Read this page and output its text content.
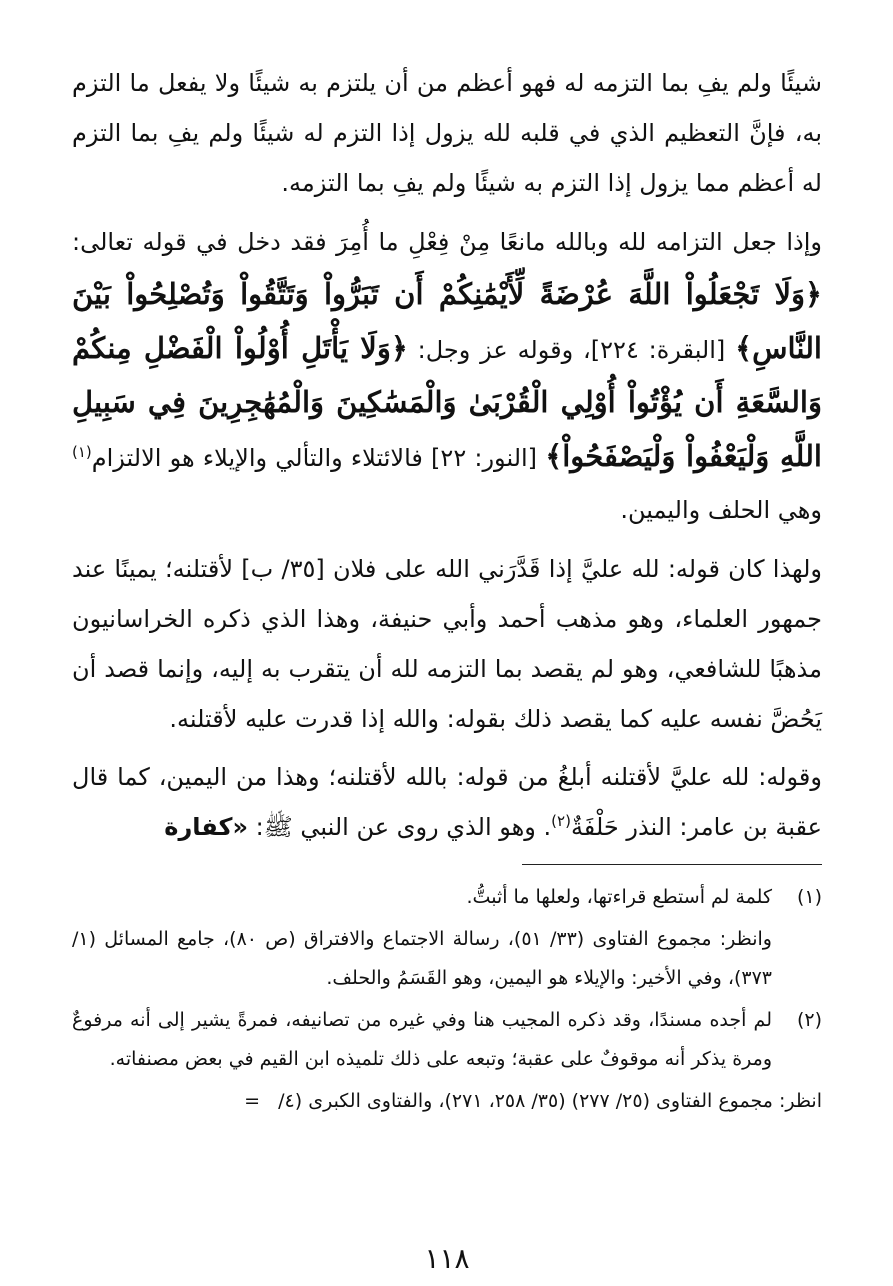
شيئًا ولم يفِ بما التزمه له فهو أعظم من أن يلتزم به شيئًا ولا يفعل ما التزم به، فإنَّ التعظيم الذي في قلبه لله يزول إذا التزم له شيئًا ولم يفِ بما التزم له أعظم مما يزول إذا التزم به شيئًا ولم يفِ بما التزمه.

وإذا جعل التزامه لله وبالله مانعًا مِنْ فِعْلِ ما أُمِرَ فقد دخل في قوله تعالى: ﴿وَلَا تَجْعَلُواْ اللَّهَ عُرْضَةً لِّأَيْمَٰنِكُمْ أَن تَبَرُّواْ وَتَتَّقُواْ وَتُصْلِحُواْ بَيْنَ النَّاسِ﴾ [البقرة: ٢٢٤]، وقوله عز وجل: ﴿وَلَا يَأْتَلِ أُوْلُواْ الْفَضْلِ مِنكُمْ وَالسَّعَةِ أَن يُؤْتُواْ أُوْلِي الْقُرْبَىٰ وَالْمَسَٰكِينَ وَالْمُهَٰجِرِينَ فِي سَبِيلِ اللَّهِ وَلْيَعْفُواْ وَلْيَصْفَحُواْ﴾ [النور: ٢٢] فالائتلاء والتألي والإيلاء هو الالتزام$^{(١)}$ وهي الحلف واليمين.

ولهذا كان قوله: لله عليَّ إذا قَدَّرَني الله على فلان [٣٥/ ب] لأقتلنه؛ يمينًا عند جمهور العلماء، وهو مذهب أحمد وأبي حنيفة، وهذا الذي ذكره الخراسانيون مذهبًا للشافعي، وهو لم يقصد بما التزمه لله أن يتقرب به إليه، وإنما قصد أن يَحُضَّ نفسه عليه كما يقصد ذلك بقوله: والله إذا قدرت عليه لأقتلنه.

وقوله: لله عليَّ لأقتلنه أبلغُ من قوله: بالله لأقتلنه؛ وهذا من اليمين، كما قال عقبة بن عامر: النذر حَلْفَةٌ$^{(٢)}$. وهو الذي روى عن النبي ﷺ: «كفارة

(١)
كلمة لم أستطع قراءتها، ولعلها ما أثبتُّ.
وانظر: مجموع الفتاوى (٣٣/ ٥١)، رسالة الاجتماع والافتراق (ص ٨٠)، جامع المسائل (١/ ٣٧٣)، وفي الأخير: والإيلاء هو اليمين، وهو القَسَمُ والحلف.
(٢)
لم أجده مسندًا، وقد ذكره المجيب هنا وفي غيره من تصانيفه، فمرةً يشير إلى أنه مرفوعٌ ومرة يذكر أنه موقوفٌ على عقبة؛ وتبعه على ذلك تلميذه ابن القيم في بعض مصنفاته.
انظر: مجموع الفتاوى (٢٥/ ٢٧٧) (٣٥/ ٢٥٨، ٢٧١)، والفتاوى الكبرى (٤/ =
١١٨
